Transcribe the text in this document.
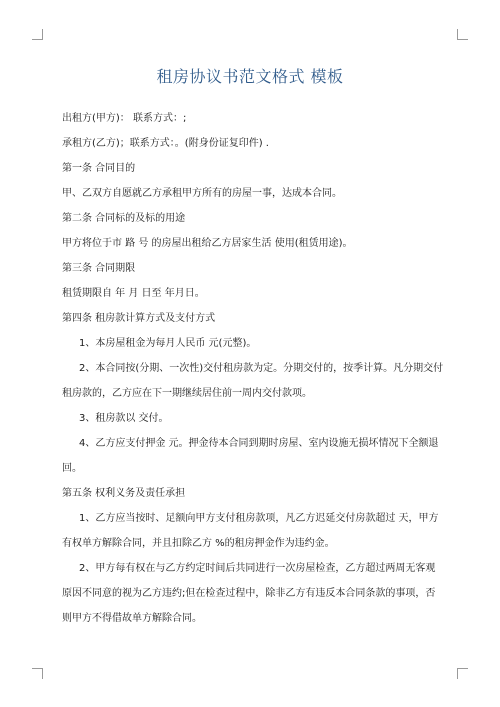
租房协议书范文格式 模板

出租方(甲方)： 联系方式：;

承租方(乙方)；联系方式：。(附身份证复印件) .

第一条 合同目的

甲、乙双方自愿就乙方承租甲方所有的房屋一事，达成本合同。

第二条 合同标的及标的用途

甲方将位于市 路 号 的房屋出租给乙方居家生活 使用(租赁用途)。

第三条 合同期限

租赁期限自 年 月 日至 年月日。

第四条 租房款计算方式及支付方式

1、本房屋租金为每月人民币 元(元整)。

2、本合同按(分期、一次性)交付租房款为定。分期交付的，按季计算。凡分期交付租房款的，乙方应在下一期继续居住前一周内交付款项。

3、租房款以 交付。

4、乙方应支付押金 元。押金待本合同到期时房屋、室内设施无损坏情况下全额退回。

第五条 权利义务及责任承担

1、乙方应当按时、足额向甲方支付租房款项，凡乙方迟延交付房款超过 天，甲方有权单方解除合同，并且扣除乙方 %的租房押金作为违约金。

2、甲方每有权在与乙方约定时间后共同进行一次房屋检查，乙方超过两周无客观原因不同意的视为乙方违约;但在检查过程中，除非乙方有违反本合同条款的事项，否则甲方不得借故单方解除合同。
